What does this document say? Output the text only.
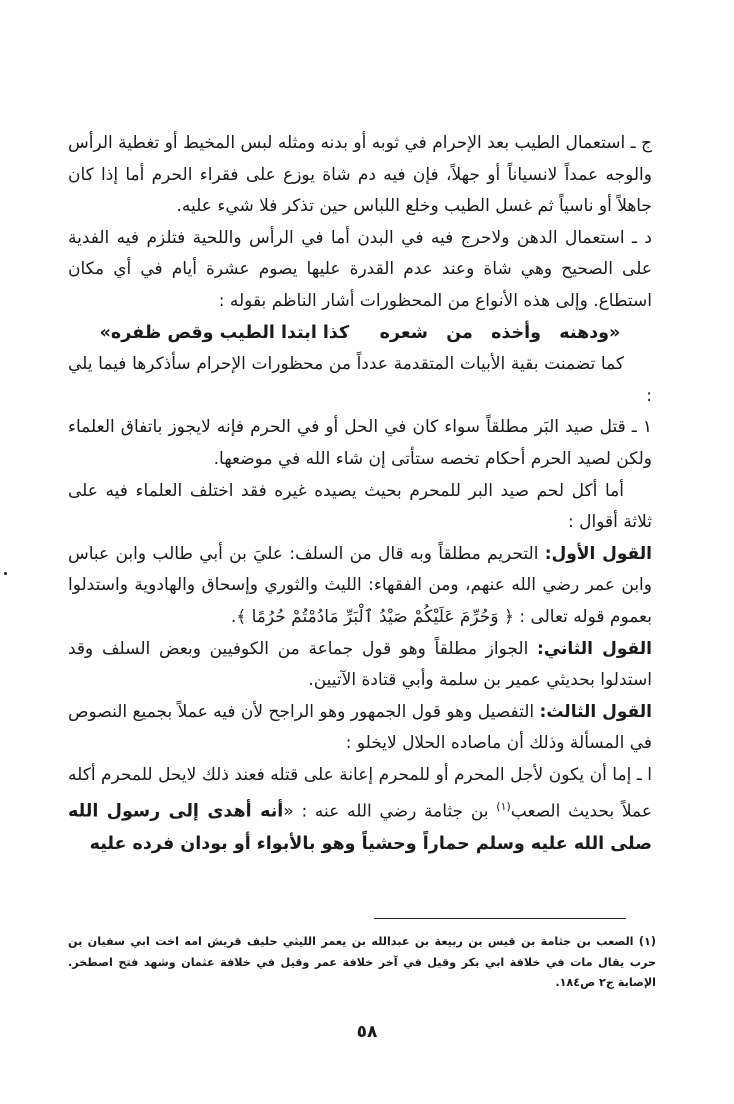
ج ـ استعمال الطيب بعد الإحرام في ثوبه أو بدنه ومثله لبس المخيط أو تغطية الرأس والوجه عمداً لانسياناً أو جهلاً، فإن فيه دم شاة يوزع على فقراء الحرم أما إذا كان جاهلاً أو ناسياً ثم غسل الطيب وخلع اللباس حين تذكر فلا شيء عليه.

د ـ استعمال الدهن ولاحرج فيه في البدن أما في الرأس واللحية فتلزم فيه الفدية على الصحيح وهي شاة وعند عدم القدرة عليها يصوم عشرة أيام في أي مكان استطاع. وإلى هذه الأنواع من المحظورات أشار الناظم بقوله :

«ودهنه   وأخذه   من   شعره     كذا ابتدا الطيب وقص ظفره»

كما تضمنت بقية الأبيات المتقدمة عدداً من محظورات الإحرام سأذكرها فيما يلي :

١ ـ قتل صيد البَر مطلقاً سواء كان في الحل أو في الحرم فإنه لايجوز باتفاق العلماء ولكن لصيد الحرم أحكام تخصه ستأتى إن شاء الله في موضعها.

أما أكل لحم صيد البر للمحرم بحيث يصيده غيره فقد اختلف العلماء فيه على ثلاثة أقوال :

القول الأول: التحريم مطلقاً وبه قال من السلف: عليَ بن أبي طالب وابن عباس وابن عمر رضي الله عنهم، ومن الفقهاء: الليث والثوري وإسحاق والهادوية واستدلوا بعموم قوله تعالى : ﴿ وَحُرِّمَ عَلَيْكُمْ صَيْدُ ٱلْبَرِّ مَادُمْتُمْ حُرُمًا ﴾.

القول الثاني: الجواز مطلقاً وهو قول جماعة من الكوفيين وبعض السلف وقد استدلوا بحديثي عمير بن سلمة وأبي قتادة الآتيين.

القول الثالث: التفصيل وهو قول الجمهور وهو الراجح لأن فيه عملاً بجميع النصوص في المسألة وذلك أن ماصاده الحلال لايخلو :

ا ـ إما أن يكون لأجل المحرم أو للمحرم إعانة على قتله فعند ذلك لايحل للمحرم أكله عملاً بحديث الصعب$^{(١)}$ بن جثامة رضي الله عنه : «أنه أهدى إلى رسول الله صلى الله عليه وسلم حماراً وحشياً وهو بالأبواء أو بودان فرده عليه

(١) الصعب بن جثامة بن قيس بن ربيعة بن عبدالله بن يعمر الليثي حليف قريش امه اخت ابي سفيان بن حرب يقال مات في خلافة ابي بكر وقيل في آخر خلافة عمر وقيل في خلافة عثمان وشهد فتح اصطخر. الإصابة ج٢ ص١٨٤.

٥٨
